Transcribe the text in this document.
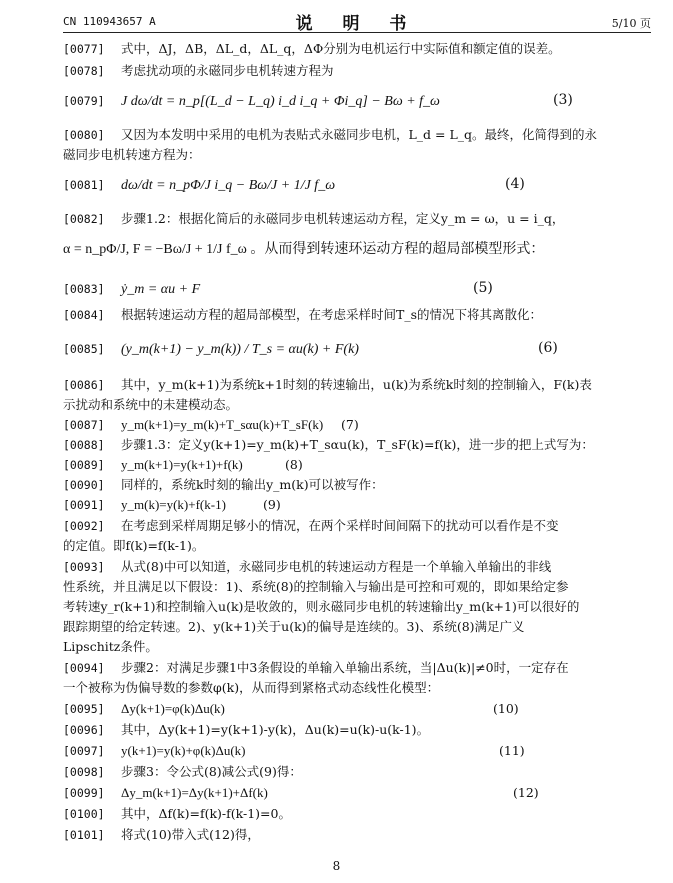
CN 110943657 A	说 明 书	5/10 页
[0077] 式中，ΔJ，ΔB，ΔL_d，ΔL_q，ΔΦ分别为电机运行中实际值和额定值的误差。
[0078] 考虑扰动项的永磁同步电机转速方程为
[0079] J dω/dt = n_p[(L_d − L_q) i_d i_q + Φi_q] − Bω + f_ω	(3)
[0080] 又因为本发明中采用的电机为表贴式永磁同步电机，L_d = L_q。最终，化简得到的永
磁同步电机转速方程为：
[0081] dω/dt = n_pΦ/J i_q − Bω/J + 1/J f_ω	(4)
[0082] 步骤1.2：根据化简后的永磁同步电机转速运动方程，定义y_m = ω，u = i_q，
α = n_pΦ/J, F = −Bω/J + 1/J f_ω 。从而得到转速环运动方程的超局部模型形式：
[0083] ẏ_m = αu + F	(5)
[0084] 根据转速运动方程的超局部模型，在考虑采样时间T_s的情况下将其离散化：
[0085] (y_m(k+1) − y_m(k)) / T_s = αu(k) + F(k)	(6)
[0086] 其中，y_m(k+1)为系统k+1时刻的转速输出，u(k)为系统k时刻的控制输入，F(k)表
示扰动和系统中的未建模动态。
[0087] y_m(k+1)=y_m(k)+T_sαu(k)+T_sF(k) (7)
[0088] 步骤1.3：定义y(k+1)=y_m(k)+T_sαu(k)，T_sF(k)=f(k)，进一步的把上式写为：
[0089] y_m(k+1)=y(k+1)+f(k)	(8)
[0090] 同样的，系统k时刻的输出y_m(k)可以被写作：
[0091] y_m(k)=y(k)+f(k-1)	(9)
[0092] 在考虑到采样周期足够小的情况，在两个采样时间间隔下的扰动可以看作是不变
的定值。即f(k)=f(k-1)。
[0093] 从式(8)中可以知道，永磁同步电机的转速运动方程是一个单输入单输出的非线
性系统，并且满足以下假设：1)、系统(8)的控制输入与输出是可控和可观的，即如果给定参
考转速y_r(k+1)和控制输入u(k)是收敛的，则永磁同步电机的转速输出y_m(k+1)可以很好的
跟踪期望的给定转速。2)、y(k+1)关于u(k)的偏导是连续的。3)、系统(8)满足广义
Lipschitz条件。
[0094] 步骤2：对满足步骤1中3条假设的单输入单输出系统，当|Δu(k)|≠0时，一定存在
一个被称为伪偏导数的参数φ(k)，从而得到紧格式动态线性化模型：
[0095] Δy(k+1)=φ(k)Δu(k)	(10)
[0096] 其中，Δy(k+1)=y(k+1)-y(k)，Δu(k)=u(k)-u(k-1)。
[0097] y(k+1)=y(k)+φ(k)Δu(k)	(11)
[0098] 步骤3：令公式(8)减公式(9)得：
[0099] Δy_m(k+1)=Δy(k+1)+Δf(k)	(12)
[0100] 其中，Δf(k)=f(k)-f(k-1)=0。
[0101] 将式(10)带入式(12)得，
8
